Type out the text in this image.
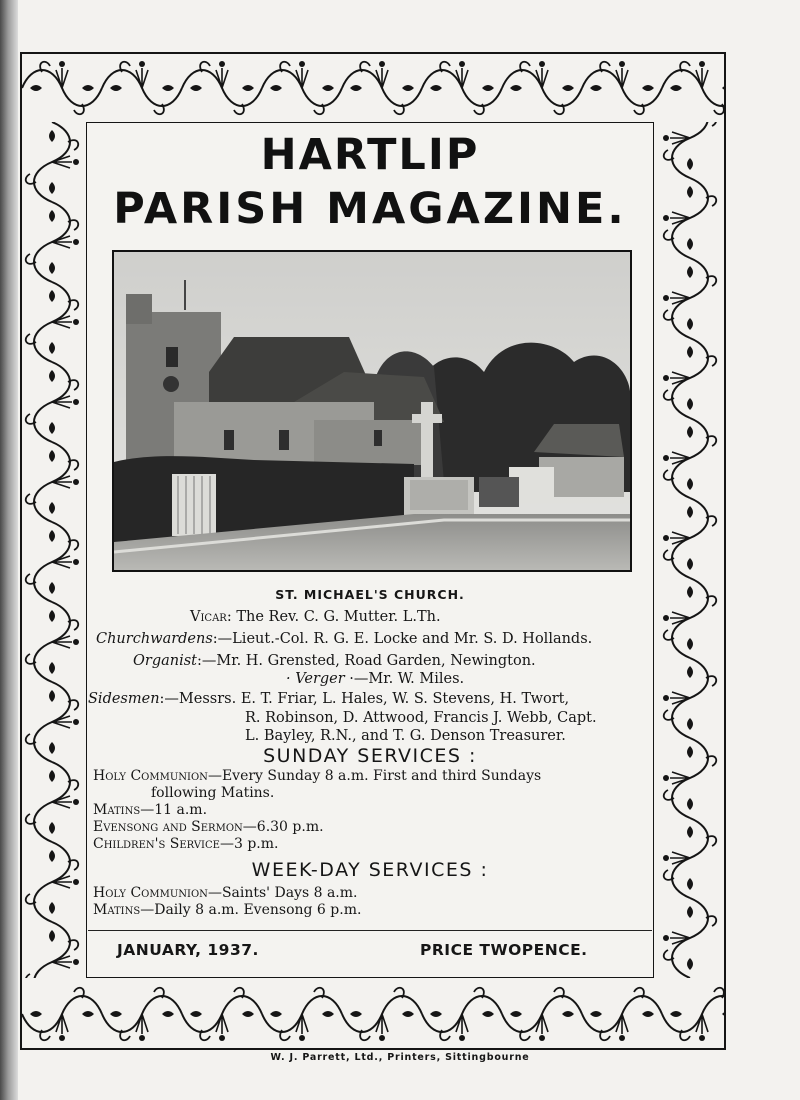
HARTLIP
PARISH MAGAZINE.
ST. MICHAEL'S CHURCH.
Vicar: The Rev. C. G. Mutter. L.Th.
Churchwardens:—Lieut.-Col. R. G. E. Locke and Mr. S. D. Hollands.
Organist:—Mr. H. Grensted, Road Garden, Newington.
· Verger ·—Mr. W. Miles.
Sidesmen:—Messrs. E. T. Friar, L. Hales, W. S. Stevens, H. Twort,
R. Robinson, D. Attwood, Francis J. Webb, Capt.
L. Bayley, R.N., and T. G. Denson Treasurer.
SUNDAY SERVICES :
Holy Communion—Every Sunday 8 a.m. First and third Sundays
following Matins.
Matins—11 a.m.
Evensong and Sermon—6.30 p.m.
Children's Service—3 p.m.
WEEK-DAY SERVICES :
Holy Communion—Saints' Days 8 a.m.
Matins—Daily 8 a.m. Evensong 6 p.m.
JANUARY, 1937.	PRICE TWOPENCE.
W. J. Parrett, Ltd., Printers, Sittingbourne
